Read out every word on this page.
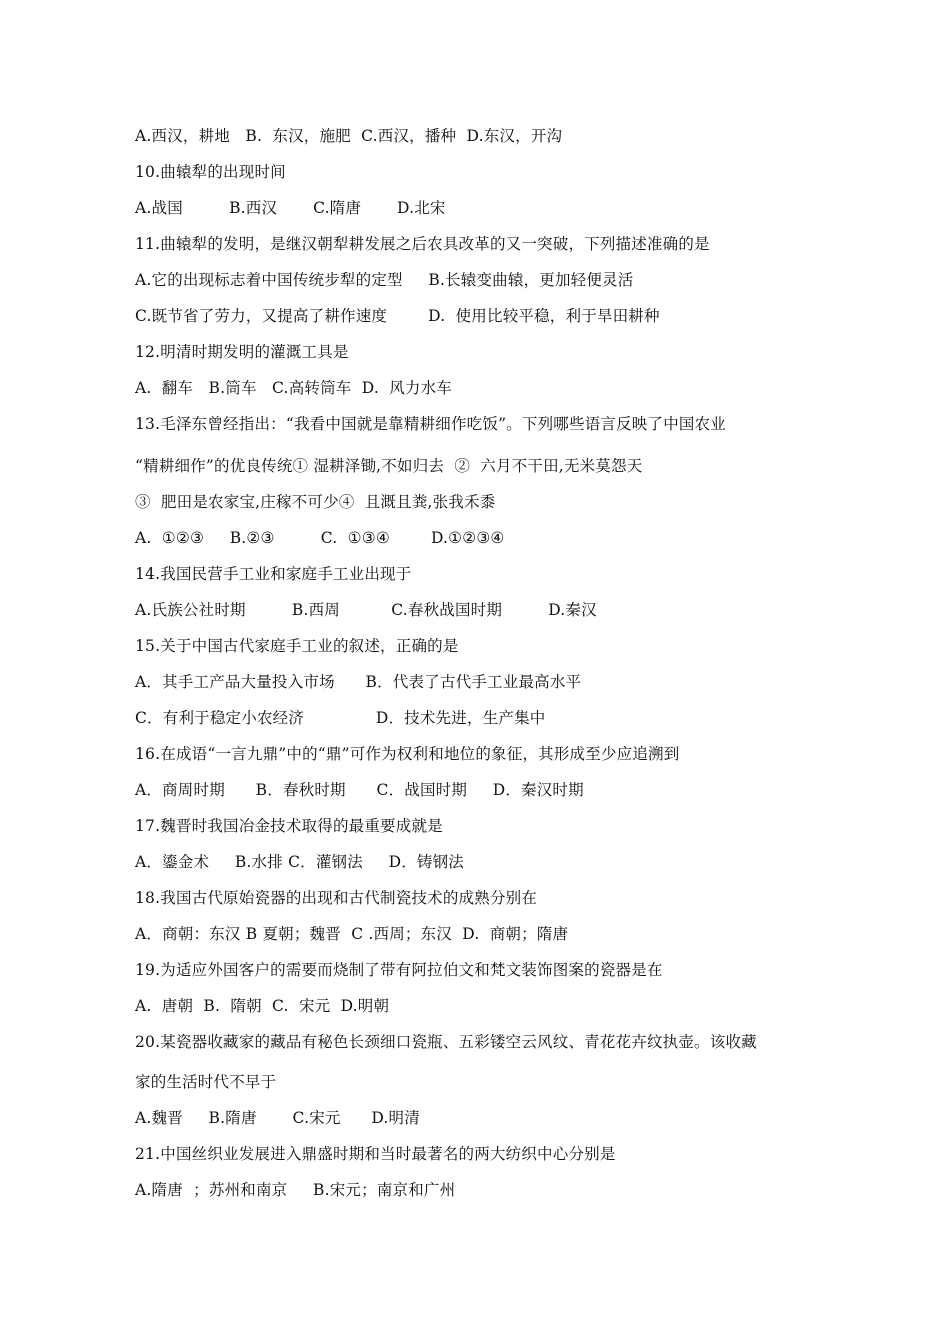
A.西汉，耕地   B.  东汉，施肥  C.西汉，播种  D.东汉，开沟
10.曲辕犁的出现时间
A.战国         B.西汉       C.隋唐       D.北宋
11.曲辕犁的发明，是继汉朝犁耕发展之后农具改革的又一突破，下列描述准确的是
A.它的出现标志着中国传统步犁的定型     B.长辕变曲辕，更加轻便灵活
C.既节省了劳力，又提高了耕作速度        D.  使用比较平稳，利于旱田耕种
12.明清时期发明的灌溉工具是
A.  翻车   B.筒车   C.高转筒车  D.  风力水车
13.毛泽东曾经指出：“我看中国就是靠精耕细作吃饭”。下列哪些语言反映了中国农业
“精耕细作”的优良传统① 湿耕泽锄,不如归去  ②  六月不干田,无米莫怨天
③  肥田是农家宝,庄稼不可少④  且溉且粪,张我禾黍
A.  ①②③     B.②③         C.  ①③④        D.①②③④
14.我国民营手工业和家庭手工业出现于
A.氏族公社时期         B.西周          C.春秋战国时期         D.秦汉
15.关于中国古代家庭手工业的叙述，正确的是
A．其手工产品大量投入市场      B．代表了古代手工业最高水平
C．有利于稳定小农经济              D．技术先进，生产集中
16.在成语“一言九鼎”中的“鼎”可作为权利和地位的象征，其形成至少应追溯到
A．商周时期      B．春秋时期      C．战国时期     D．秦汉时期
17.魏晋时我国冶金技术取得的最重要成就是
A．鎏金术     B.水排 C．灌钢法     D．铸钢法
18.我国古代原始瓷器的出现和古代制瓷技术的成熟分别在
A．商朝：东汉 B 夏朝；魏晋  C .西周；东汉  D.  商朝；隋唐
19.为适应外国客户的需要而烧制了带有阿拉伯文和梵文装饰图案的瓷器是在
A.  唐朝  B.  隋朝  C.  宋元  D.明朝
20.某瓷器收藏家的藏品有秘色长颈细口瓷瓶、五彩镂空云风纹、青花花卉纹执壶。该收藏
家的生活时代不早于
A.魏晋     B.隋唐       C.宋元      D.明清
21.中国丝织业发展进入鼎盛时期和当时最著名的两大纺织中心分别是
A.隋唐  ；苏州和南京     B.宋元；南京和广州
